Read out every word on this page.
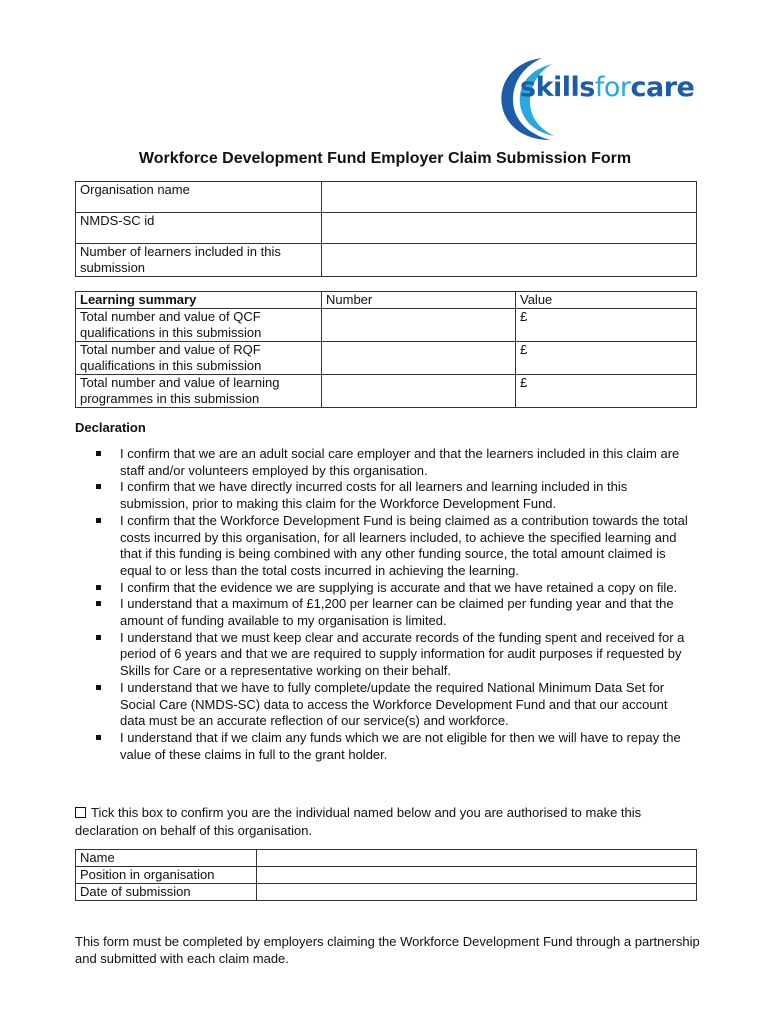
skillsforcare
Workforce Development Fund Employer Claim Submission Form
Organisation name	
NMDS-SC id	
Number of learners included in this submission	
Learning summary	Number	Value
Total number and value of QCF qualifications in this submission		£
Total number and value of RQF qualifications in this submission		£
Total number and value of learning programmes in this submission		£
Declaration
I confirm that we are an adult social care employer and that the learners included in this claim are staff and/or volunteers employed by this organisation.
I confirm that we have directly incurred costs for all learners and learning included in this submission, prior to making this claim for the Workforce Development Fund.
I confirm that the Workforce Development Fund is being claimed as a contribution towards the total costs incurred by this organisation, for all learners included, to achieve the specified learning and that if this funding is being combined with any other funding source, the total amount claimed is equal to or less than the total costs incurred in achieving the learning.
I confirm that the evidence we are supplying is accurate and that we have retained a copy on file.
I understand that a maximum of £1,200 per learner can be claimed per funding year and that the amount of funding available to my organisation is limited.
I understand that we must keep clear and accurate records of the funding spent and received for a period of 6 years and that we are required to supply information for audit purposes if requested by Skills for Care or a representative working on their behalf.
I understand that we have to fully complete/update the required National Minimum Data Set for Social Care (NMDS-SC) data to access the Workforce Development Fund and that our account data must be an accurate reflection of our service(s) and workforce.
I understand that if we claim any funds which we are not eligible for then we will have to repay the value of these claims in full to the grant holder.
Tick this box to confirm you are the individual named below and you are authorised to make this declaration on behalf of this organisation.
Name	
Position in organisation	
Date of submission	
This form must be completed by employers claiming the Workforce Development Fund through a partnership and submitted with each claim made.
